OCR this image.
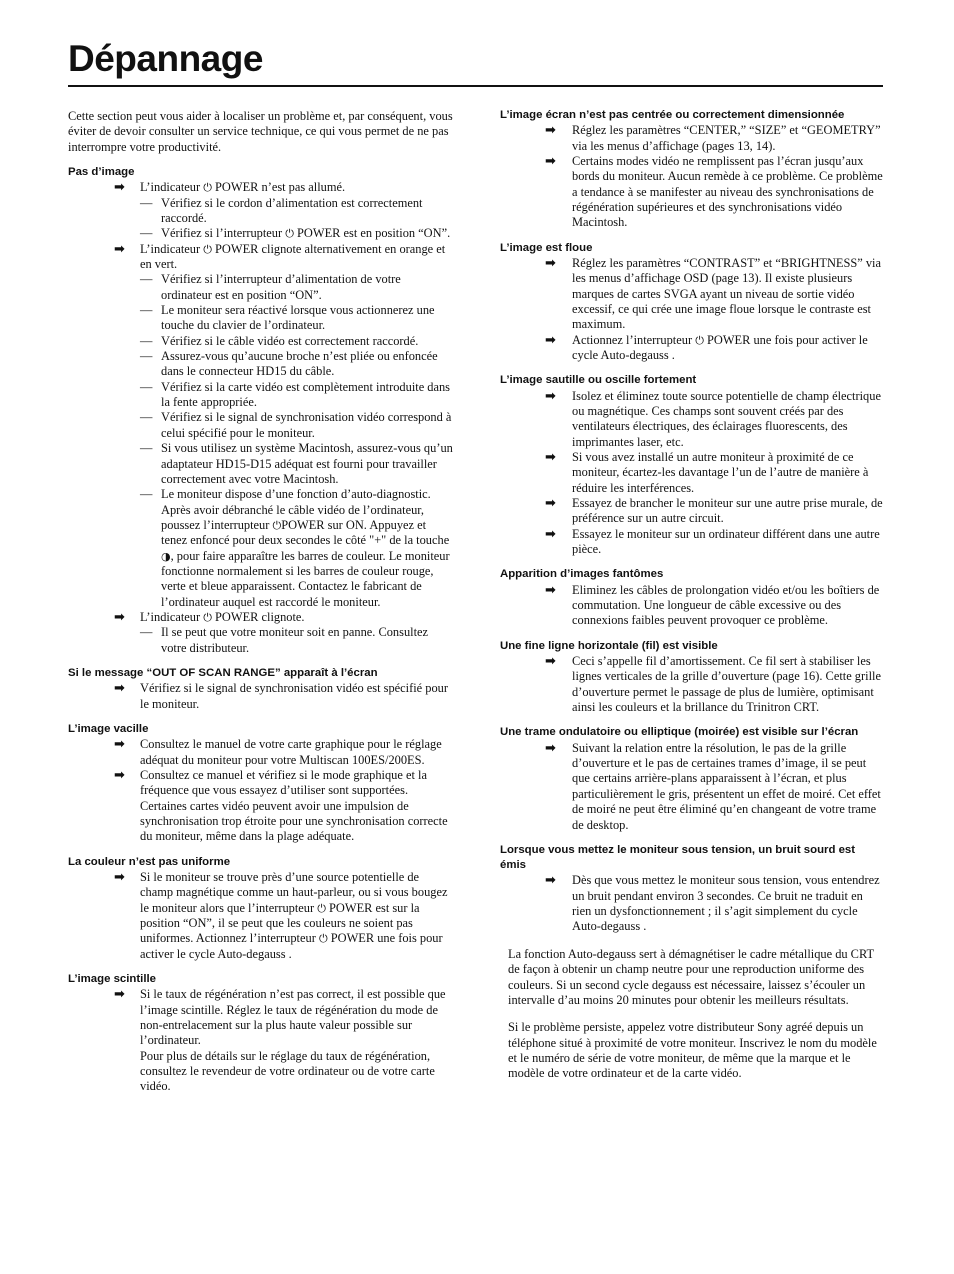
Dépannage

Cette section peut vous aider à localiser un problème et, par conséquent, vous éviter de devoir consulter un service technique, ce qui vous permet de ne pas interrompre votre productivité.

Pas d’image
➡ L’indicateur ⏻ POWER n’est pas allumé.
— Vérifiez si le cordon d’alimentation est correctement raccordé.
— Vérifiez si l’interrupteur ⏻ POWER est en position “ON”.
➡ L’indicateur ⏻ POWER clignote alternativement en orange et en vert.
— Vérifiez si l’interrupteur d’alimentation de votre ordinateur est en position “ON”.
— Le moniteur sera réactivé lorsque vous actionnerez une touche du clavier de l’ordinateur.
— Vérifiez si le câble vidéo est correctement raccordé.
— Assurez-vous qu’aucune broche n’est pliée ou enfoncée dans le connecteur HD15 du câble.
— Vérifiez si la carte vidéo est complètement introduite dans la fente appropriée.
— Vérifiez si le signal de synchronisation vidéo correspond à celui spécifié pour le moniteur.
— Si vous utilisez un système Macintosh, assurez-vous qu’un adaptateur HD15-D15 adéquat est fourni pour travailler correctement avec votre Macintosh.
— Le moniteur dispose d’une fonction d’auto-diagnostic. Après avoir débranché le câble vidéo de l’ordinateur, poussez l’interrupteur ⏻POWER sur ON. Appuyez et tenez enfoncé pour deux secondes le côté "+" de la touche ◑, pour faire apparaître les barres de couleur. Le moniteur fonctionne normalement si les barres de couleur rouge, verte et bleue apparaissent. Contactez le fabricant de l’ordinateur auquel est raccordé le moniteur.
➡ L’indicateur ⏻ POWER clignote.
— Il se peut que votre moniteur soit en panne. Consultez votre distributeur.
Si le message “OUT OF SCAN RANGE” apparaît à l’écran
➡ Vérifiez si le signal de synchronisation vidéo est spécifié pour le moniteur.
L’image vacille
➡ Consultez le manuel de votre carte graphique pour le réglage adéquat du moniteur pour votre Multiscan 100ES/200ES.
➡ Consultez ce manuel et vérifiez si le mode graphique et la fréquence que vous essayez d’utiliser sont supportées. Certaines cartes vidéo peuvent avoir une impulsion de synchronisation trop étroite pour une synchronisation correcte du moniteur, même dans la plage adéquate.
La couleur n’est pas uniforme
➡ Si le moniteur se trouve près d’une source potentielle de champ magnétique comme un haut-parleur, ou si vous bougez le moniteur alors que l’interrupteur ⏻ POWER est sur la position “ON”, il se peut que les couleurs ne soient pas uniformes. Actionnez l’interrupteur ⏻ POWER une fois pour activer le cycle Auto-degauss .
L’image scintille
➡ Si le taux de régénération n’est pas correct, il est possible que l’image scintille. Réglez le taux de régénération du mode de non-entrelacement sur la plus haute valeur possible sur l’ordinateur.
Pour plus de détails sur le réglage du taux de régénération, consultez le revendeur de votre ordinateur ou de votre carte vidéo.
L’image écran n’est pas centrée ou correctement dimensionnée
➡ Réglez les paramètres “CENTER,” “SIZE” et “GEOMETRY” via les menus d’affichage (pages 13, 14).
➡ Certains modes vidéo ne remplissent pas l’écran jusqu’aux bords du moniteur. Aucun remède à ce problème. Ce problème a tendance à se manifester au niveau des synchronisations de régénération supérieures et des synchronisations vidéo Macintosh.
L’image est floue
➡ Réglez les paramètres “CONTRAST” et “BRIGHTNESS” via les menus d’affichage OSD (page 13). Il existe plusieurs marques de cartes SVGA ayant un niveau de sortie vidéo excessif, ce qui crée une image floue lorsque le contraste est maximum.
➡ Actionnez l’interrupteur ⏻ POWER une fois pour activer le cycle Auto-degauss .
L’image sautille ou oscille fortement
➡ Isolez et éliminez toute source potentielle de champ électrique ou magnétique. Ces champs sont souvent créés par des ventilateurs électriques, des éclairages fluorescents, des imprimantes laser, etc.
➡ Si vous avez installé un autre moniteur à proximité de ce moniteur, écartez-les davantage l’un de l’autre de manière à réduire les interférences.
➡ Essayez de brancher le moniteur sur une autre prise murale, de préférence sur un autre circuit.
➡ Essayez le moniteur sur un ordinateur différent dans une autre pièce.
Apparition d’images fantômes
➡ Eliminez les câbles de prolongation vidéo et/ou les boîtiers de commutation. Une longueur de câble excessive ou des connexions faibles peuvent provoquer ce problème.
Une fine ligne horizontale (fil) est visible
➡ Ceci s’appelle fil d’amortissement. Ce fil sert à stabiliser les lignes verticales de la grille d’ouverture (page 16). Cette grille d’ouverture permet le passage de plus de lumière, optimisant ainsi les couleurs et la brillance du Trinitron CRT.
Une trame ondulatoire ou elliptique (moirée) est visible sur l’écran
➡ Suivant la relation entre la résolution, le pas de la grille d’ouverture et le pas de certaines trames d’image, il se peut que certains arrière-plans apparaissent à l’écran, et plus particulièrement le gris, présentent un effet de moiré. Cet effet de moiré ne peut être éliminé qu’en changeant de votre trame de desktop.
Lorsque vous mettez le moniteur sous tension, un bruit sourd est émis
➡ Dès que vous mettez le moniteur sous tension, vous entendrez un bruit pendant environ 3 secondes. Ce bruit ne traduit en rien un dysfonctionnement ; il s’agit simplement du cycle Auto-degauss .

La fonction Auto-degauss sert à démagnétiser le cadre métallique du CRT de façon à obtenir un champ neutre pour une reproduction uniforme des couleurs. Si un second cycle degauss est nécessaire, laissez s’écouler un intervalle d’au moins 20 minutes pour obtenir les meilleurs résultats.

Si le problème persiste, appelez votre distributeur Sony agréé depuis un téléphone situé à proximité de votre moniteur. Inscrivez le nom du modèle et le numéro de série de votre moniteur, de même que la marque et le modèle de votre ordinateur et de la carte vidéo.
